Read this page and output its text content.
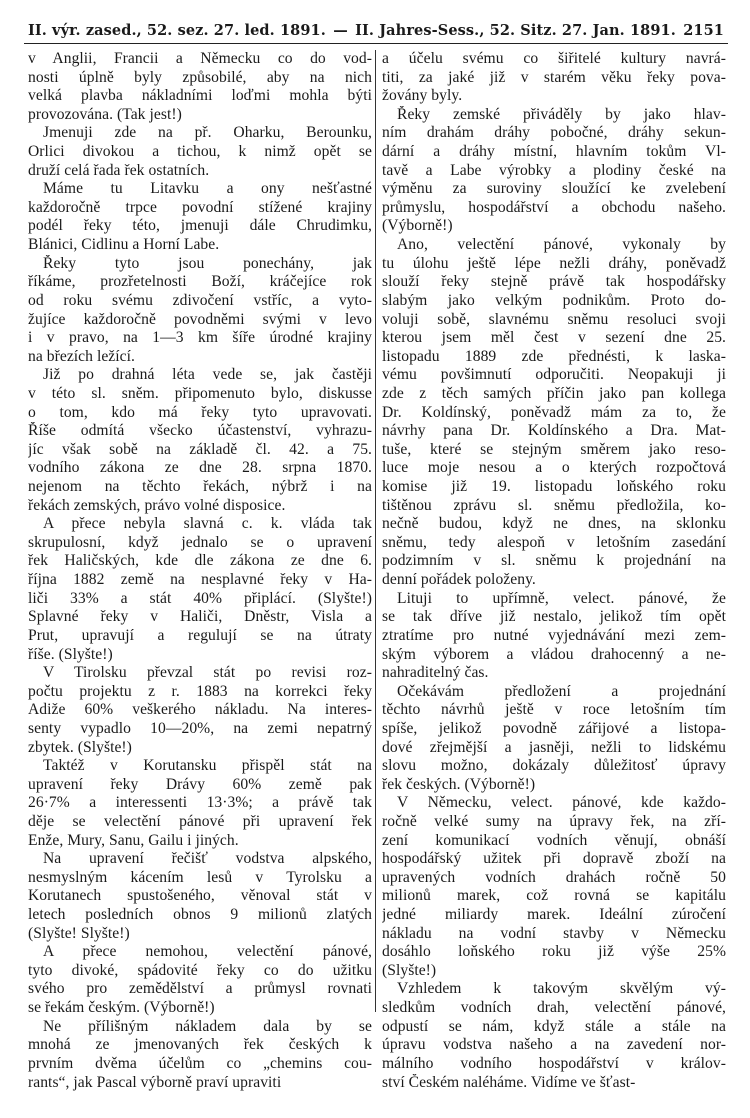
II. výr. zased., 52. sez. 27. led. 1891. — II. Jahres-Sess., 52. Sitz. 27. Jan. 1891. 2151
v Anglii, Francii a Německu co do vod-
nosti úplně byly způsobilé, aby na nich
velká plavba nákladními loďmi mohla býti
provozována. (Tak jest!)
Jmenuji zde na př. Oharku, Berounku,
Orlici divokou a tichou, k nimž opět se
druží celá řada řek ostatních.
Máme tu Litavku a ony nešťastné
každoročně trpce povodní stížené krajiny
podél řeky této, jmenuji dále Chrudimku,
Blánici, Cidlinu a Horní Labe.
Řeky tyto jsou ponechány, jak
říkáme, prozřetelnosti Boží, kráčejíce rok
od roku svému zdivočení vstříc, a vyto-
žujíce každoročně povodněmi svými v levo
i v pravo, na 1—3 km šíře úrodné krajiny
na březích ležící.
Již po drahná léta vede se, jak častěji
v této sl. sněm. připomenuto bylo, diskusse
o tom, kdo má řeky tyto upravovati.
Říše odmítá všecko účastenství, vyhrazu-
jíc však sobě na základě čl. 42. a 75.
vodního zákona ze dne 28. srpna 1870.
nejenom na těchto řekách, nýbrž i na
řekách zemských, právo volné disposice.
A přece nebyla slavná c. k. vláda tak
skrupulosní, když jednalo se o upravení
řek Haličských, kde dle zákona ze dne 6.
října 1882 země na nesplavné řeky v Ha-
liči 33% a stát 40% připlácí. (Slyšte!)
Splavné řeky v Haliči, Dněstr, Visla a
Prut, upravují a regulují se na útraty
říše. (Slyšte!)
V Tirolsku převzal stát po revisi roz-
počtu projektu z r. 1883 na korrekci řeky
Adiže 60% veškerého nákladu. Na interes-
senty vypadlo 10—20%, na zemi nepatrný
zbytek. (Slyšte!)
Taktéž v Korutansku přispěl stát na
upravení řeky Drávy 60% země pak
26·7% a interessenti 13·3%; a právě tak
děje se velectění pánové při upravení řek
Enže, Mury, Sanu, Gailu i jiných.
Na upravení řečišť vodstva alpského,
nesmyslným kácením lesů v Tyrolsku a
Korutanech spustošeného, věnoval stát v
letech posledních obnos 9 milionů zlatých
(Slyšte! Slyšte!)
A přece nemohou, velectění pánové,
tyto divoké, spádovité řeky co do užitku
svého pro zemědělství a průmysl rovnati
se řekám českým. (Výborně!)
Ne přílišným nákladem dala by se
mnohá ze jmenovaných řek českých k
prvním dvěma účelům co „chemins cou-
rants“, jak Pascal výborně praví upraviti
a účelu svému co šiřitelé kultury navrá-
titi, za jaké již v starém věku řeky pova-
žovány byly.
Řeky zemské přiváděly by jako hlav-
ním drahám dráhy pobočné, dráhy sekun-
dární a dráhy místní, hlavním tokům Vl-
tavě a Labe výrobky a plodiny české na
výměnu za suroviny sloužící ke zvelebení
průmyslu, hospodářství a obchodu našeho.
(Výborně!)
Ano, velectění pánové, vykonaly by
tu úlohu ještě lépe nežli dráhy, poněvadž
slouží řeky stejně právě tak hospodářsky
slabým jako velkým podnikům. Proto do-
voluji sobě, slavnému sněmu resoluci svoji
kterou jsem měl čest v sezení dne 25.
listopadu 1889 zde přednésti, k laska-
vému povšimnutí odporučiti. Neopakuji ji
zde z těch samých příčin jako pan kollega
Dr. Koldínský, poněvadž mám za to, že
návrhy pana Dr. Koldínského a Dra. Mat-
tuše, které se stejným směrem jako reso-
luce moje nesou a o kterých rozpočtová
komise již 19. listopadu loňského roku
tištěnou zprávu sl. sněmu předložila, ko-
nečně budou, když ne dnes, na sklonku
sněmu, tedy alespoň v letošním zasedání
podzimním v sl. sněmu k projednání na
denní pořádek položeny.
Lituji to upřímně, velect. pánové, že
se tak dříve již nestalo, jelikož tím opět
ztratíme pro nutné vyjednávání mezi zem-
ským výborem a vládou drahocenný a ne-
nahraditelný čas.
Očekávám předložení a projednání
těchto návrhů ještě v roce letošním tím
spíše, jelikož povodně zářijové a listopa-
dové zřejmější a jasněji, nežli to lidskému
slovu možno, dokázaly důležitosť úpravy
řek českých. (Výborně!)
V Německu, velect. pánové, kde každo-
ročně velké sumy na úpravy řek, na zří-
zení komunikací vodních věnují, obnáší
hospodářský užitek při dopravě zboží na
upravených vodních drahách ročně 50
milionů marek, což rovná se kapitálu
jedné miliardy marek. Ideální zúročení
nákladu na vodní stavby v Německu
dosáhlo loňského roku již výše 25%
(Slyšte!)
Vzhledem k takovým skvělým vý-
sledkům vodních drah, velectění pánové,
odpustí se nám, když stále a stále na
úpravu vodstva našeho a na zavedení nor-
málního vodního hospodářství v králov-
ství Českém naléháme. Vidíme ve šťast-
